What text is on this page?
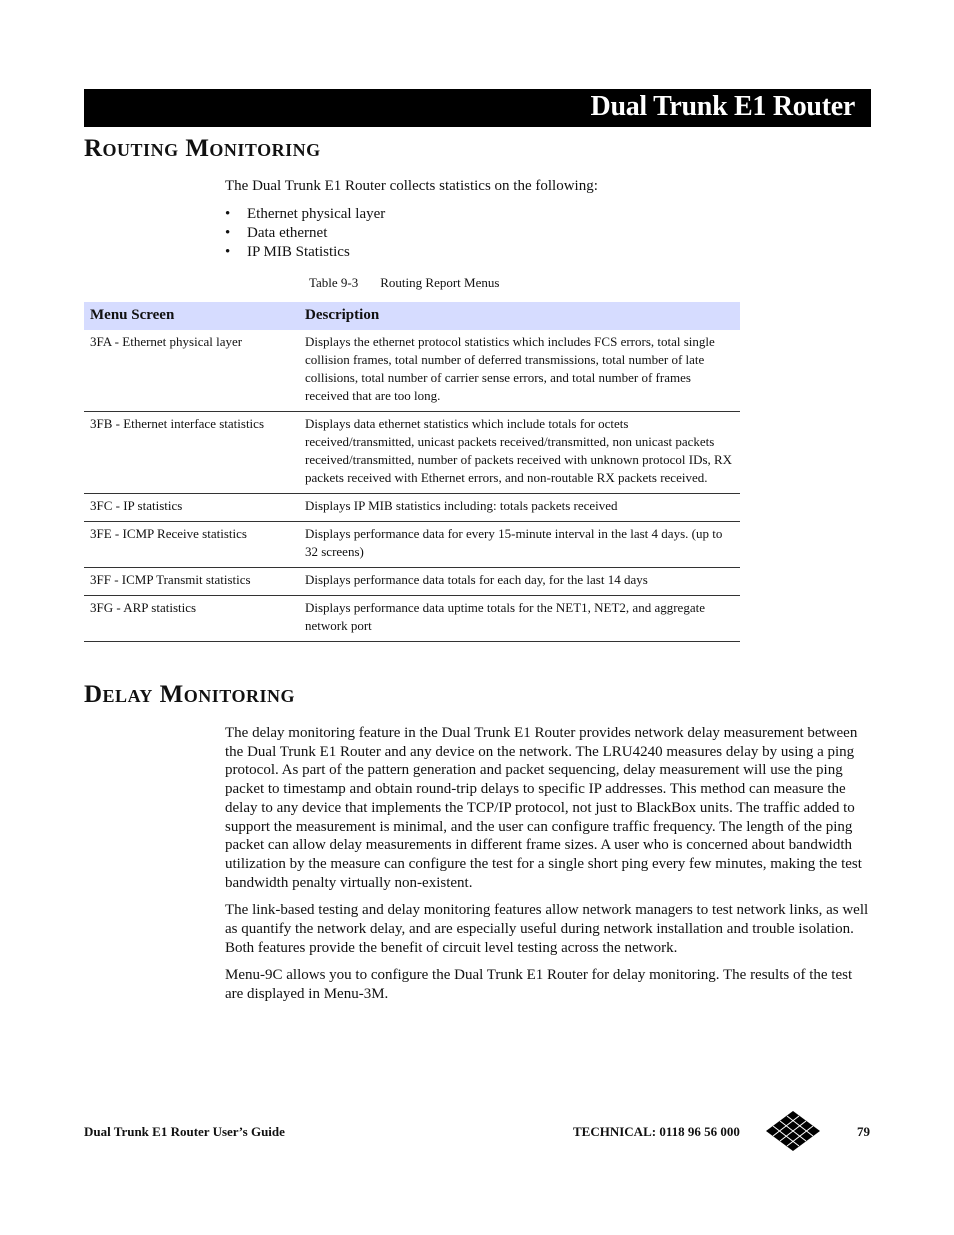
Dual Trunk E1 Router
Routing Monitoring
The Dual Trunk E1 Router collects statistics on the following:
• Ethernet physical layer
• Data ethernet
• IP MIB Statistics
Table 9-3 Routing Report Menus
Menu Screen	Description
3FA - Ethernet physical layer	Displays the ethernet protocol statistics which includes FCS errors, total single collision frames, total number of deferred transmissions, total number of late collisions, total number of carrier sense errors, and total number of frames received that are too long.
3FB - Ethernet interface statistics	Displays data ethernet statistics which include totals for octets received/transmitted, unicast packets received/transmitted, non unicast packets received/transmitted, number of packets received with unknown protocol IDs, RX packets received with Ethernet errors, and non-routable RX packets received.
3FC - IP statistics	Displays IP MIB statistics including: totals packets received
3FE - ICMP Receive statistics	Displays performance data for every 15-minute interval in the last 4 days. (up to 32 screens)
3FF - ICMP Transmit statistics	Displays performance data totals for each day, for the last 14 days
3FG - ARP statistics	Displays performance data uptime totals for the NET1, NET2, and aggregate network port
Delay Monitoring

The delay monitoring feature in the Dual Trunk E1 Router provides network delay measurement between the Dual Trunk E1 Router and any device on the network. The LRU4240 measures delay by using a ping protocol. As part of the pattern generation and packet sequencing, delay measurement will use the ping packet to timestamp and obtain round-trip delays to specific IP addresses. This method can measure the delay to any device that implements the TCP/IP protocol, not just to BlackBox units. The traffic added to support the measurement is minimal, and the user can configure traffic frequency. The length of the ping packet can allow delay measurements in different frame sizes. A user who is concerned about bandwidth utilization by the measure can configure the test for a single short ping every few minutes, making the test bandwidth penalty virtually non-existent.

The link-based testing and delay monitoring features allow network managers to test network links, as well as quantify the network delay, and are especially useful during network installation and trouble isolation. Both features provide the benefit of circuit level testing across the network.

Menu-9C allows you to configure the Dual Trunk E1 Router for delay monitoring. The results of the test are displayed in Menu-3M.

Dual Trunk E1 Router User’s Guide	TECHNICAL: 0118 96 56 000	79
